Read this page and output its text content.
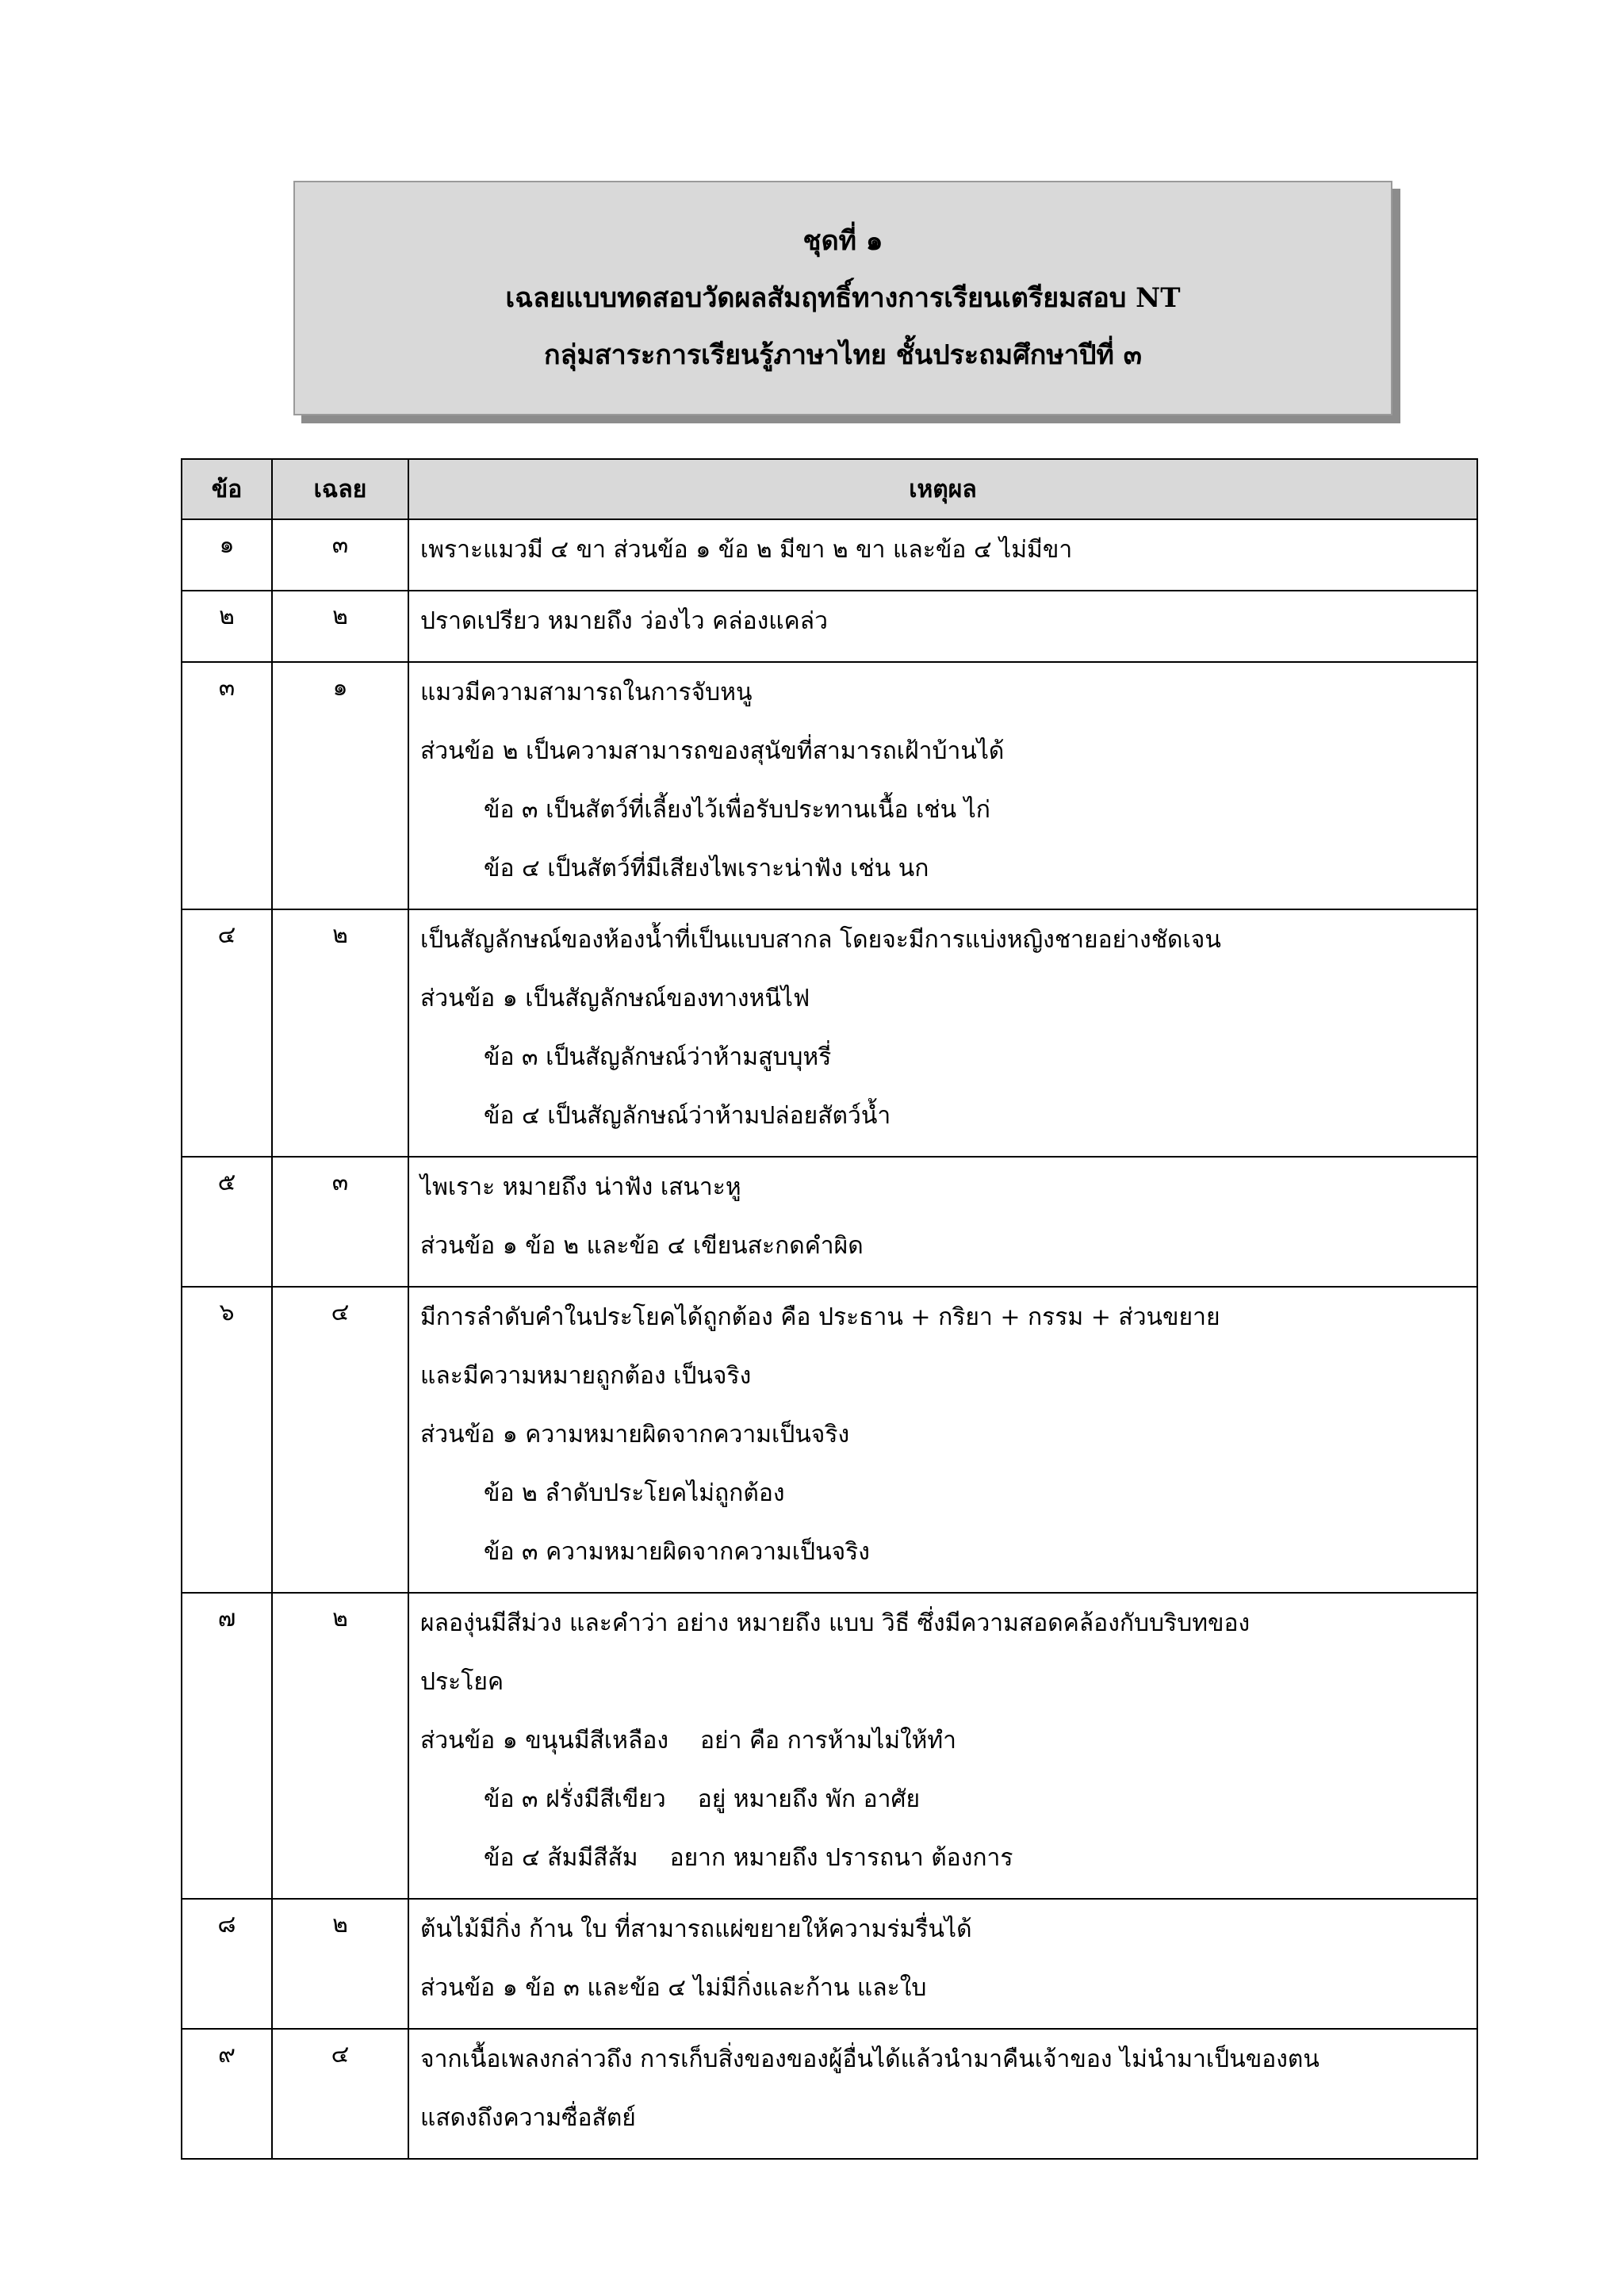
ชุดที่ ๑
เฉลยแบบทดสอบวัดผลสัมฤทธิ์ทางการเรียนเตรียมสอบ NT
กลุ่มสาระการเรียนรู้ภาษาไทย ชั้นประถมศึกษาปีที่ ๓
ข้อ	เฉลย	เหตุผล
๑	๓	เพราะแมวมี ๔ ขา ส่วนข้อ ๑ ข้อ ๒ มีขา ๒ ขา และข้อ ๔ ไม่มีขา

๒	๒	ปราดเปรียว หมายถึง ว่องไว คล่องแคล่ว

๓	๑	แมวมีความสามารถในการจับหนู
ส่วนข้อ ๒ เป็นความสามารถของสุนัขที่สามารถเฝ้าบ้านได้
ข้อ ๓ เป็นสัตว์ที่เลี้ยงไว้เพื่อรับประทานเนื้อ เช่น ไก่
ข้อ ๔ เป็นสัตว์ที่มีเสียงไพเราะน่าฟัง เช่น นก

๔	๒	เป็นสัญลักษณ์ของห้องน้ำที่เป็นแบบสากล โดยจะมีการแบ่งหญิงชายอย่างชัดเจน
ส่วนข้อ ๑ เป็นสัญลักษณ์ของทางหนีไฟ
ข้อ ๓ เป็นสัญลักษณ์ว่าห้ามสูบบุหรี่
ข้อ ๔ เป็นสัญลักษณ์ว่าห้ามปล่อยสัตว์น้ำ

๕	๓	ไพเราะ หมายถึง น่าฟัง เสนาะหู
ส่วนข้อ ๑ ข้อ ๒ และข้อ ๔ เขียนสะกดคำผิด

๖	๔	มีการลำดับคำในประโยคได้ถูกต้อง คือ ประธาน + กริยา + กรรม + ส่วนขยาย
และมีความหมายถูกต้อง เป็นจริง
ส่วนข้อ ๑ ความหมายผิดจากความเป็นจริง
ข้อ ๒ ลำดับประโยคไม่ถูกต้อง
ข้อ ๓ ความหมายผิดจากความเป็นจริง

๗	๒	ผลองุ่นมีสีม่วง และคำว่า อย่าง หมายถึง แบบ วิธี ซึ่งมีความสอดคล้องกับบริบทของ
ประโยค
ส่วนข้อ ๑ ขนุนมีสีเหลือง อย่า คือ การห้ามไม่ให้ทำ
ข้อ ๓ ฝรั่งมีสีเขียว อยู่ หมายถึง พัก อาศัย
ข้อ ๔ ส้มมีสีส้ม อยาก หมายถึง ปรารถนา ต้องการ

๘	๒	ต้นไม้มีกิ่ง ก้าน ใบ ที่สามารถแผ่ขยายให้ความร่มรื่นได้
ส่วนข้อ ๑ ข้อ ๓ และข้อ ๔ ไม่มีกิ่งและก้าน และใบ

๙	๔	จากเนื้อเพลงกล่าวถึง การเก็บสิ่งของของผู้อื่นได้แล้วนำมาคืนเจ้าของ ไม่นำมาเป็นของตน
แสดงถึงความซื่อสัตย์
